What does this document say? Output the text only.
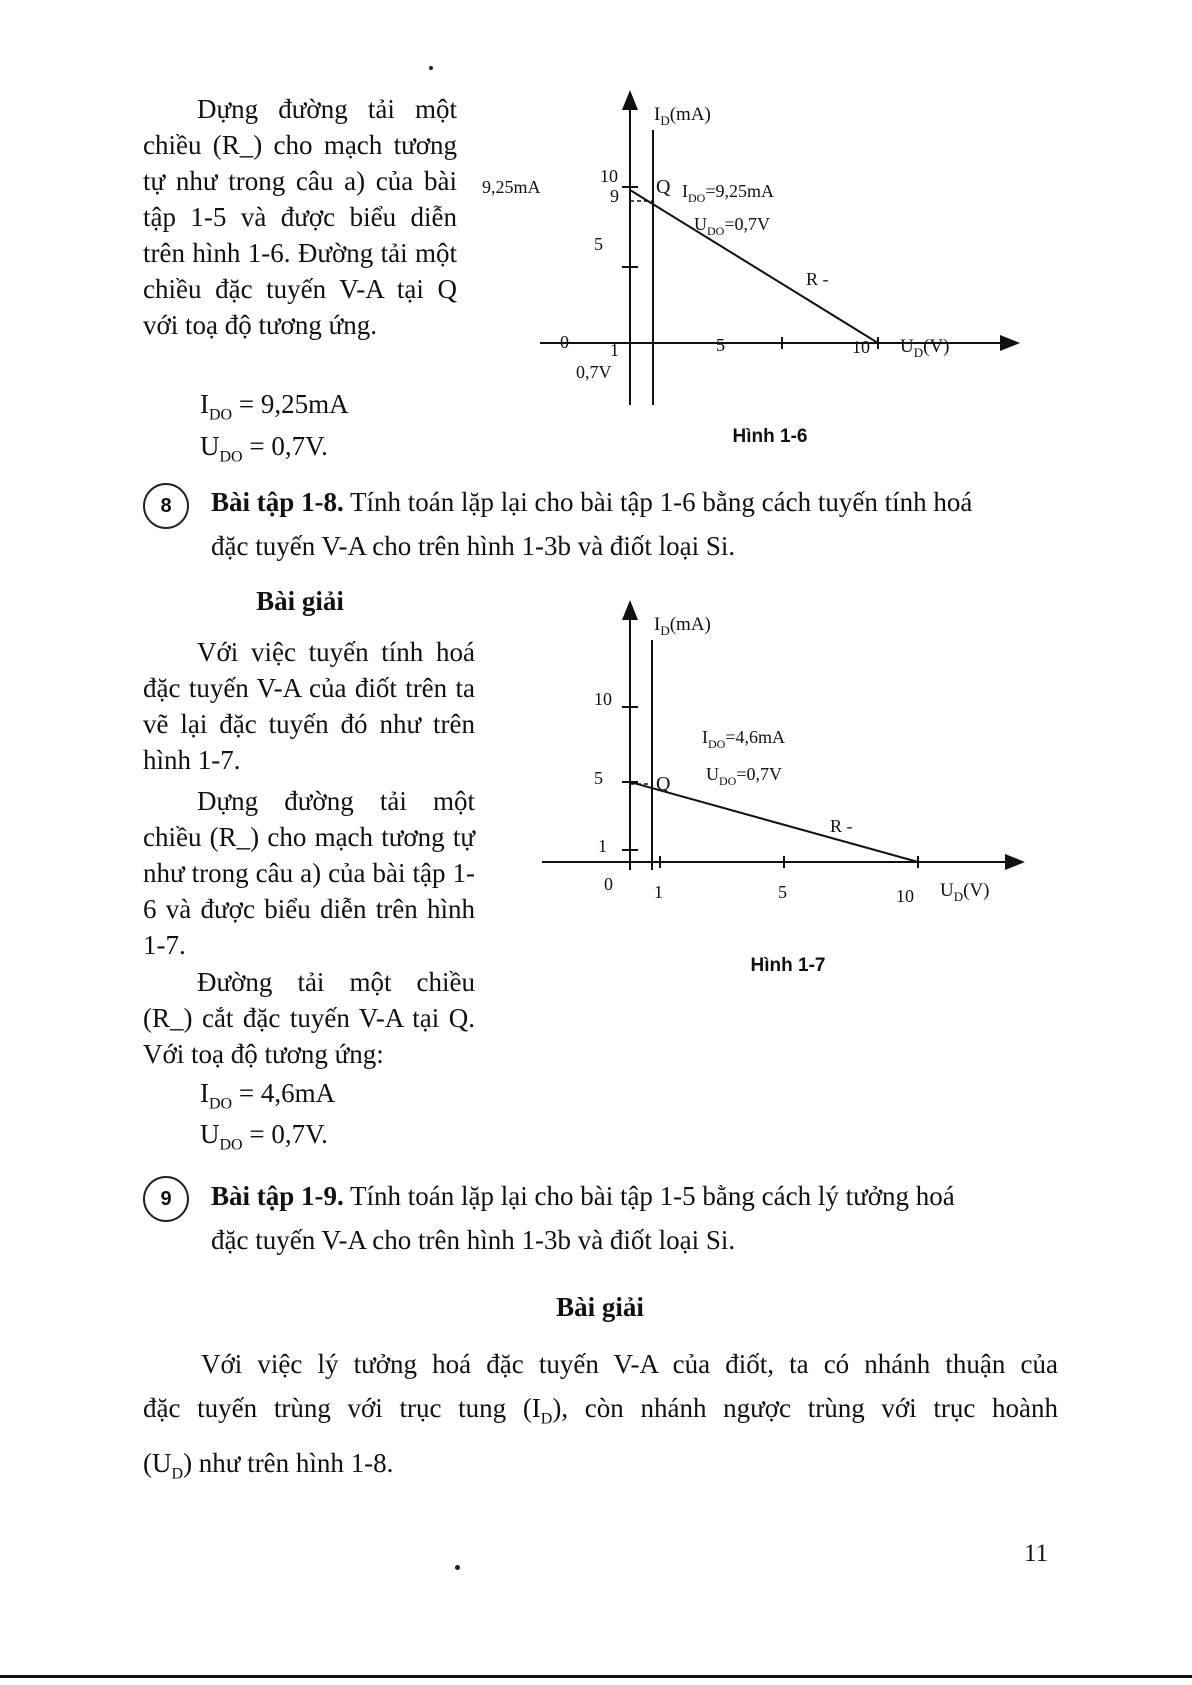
Dựng đường tải một chiều (R_) cho mạch tương tự như trong câu a) của bài tập 1-5 và được biểu diễn trên hình 1-6. Đường tải một chiều đặc tuyến V-A tại Q với toạ độ tương ứng.

$I_{DO} = 9,25mA$
$U_{DO} = 0,7V$.
$I_D(mA)$
10
9
5
9,25mA	Q $I_{DO}=9,25mA$
$U_{DO}=0,7V$
R -
0 1	5	10
0,7V
$U_D(V)$
Hình 1-6
8	Bài tập 1-8. Tính toán lặp lại cho bài tập 1-6 bằng cách tuyến tính hoá

đặc tuyến V-A cho trên hình 1-3b và điốt loại Si.

Bài giải

Với việc tuyến tính hoá đặc tuyến V-A của điốt trên ta vẽ lại đặc tuyến đó như trên hình 1-7.

Dựng đường tải một chiều (R_) cho mạch tương tự như trong câu a) của bài tập 1-6 và được biểu diễn trên hình 1-7.

Đường tải một chiều (R_) cắt đặc tuyến V-A tại Q. Với toạ độ tương ứng:

$I_{DO} = 4,6mA$
$U_{DO} = 0,7V$.
$I_D(mA)$
10
5
1
Q
$I_{DO}=4,6mA$
$U_{DO}=0,7V$
R -
0 1	5	10 $U_D(V)$
Hình 1-7
9	Bài tập 1-9. Tính toán lặp lại cho bài tập 1-5 bằng cách lý tưởng hoá

đặc tuyến V-A cho trên hình 1-3b và điốt loại Si.

Bài giải

Với việc lý tưởng hoá đặc tuyến V-A của điốt, ta có nhánh thuận của

đặc tuyến trùng với trục tung $(I_D)$, còn nhánh ngược trùng với trục hoành

$(U_D)$ như trên hình 1-8.

11
